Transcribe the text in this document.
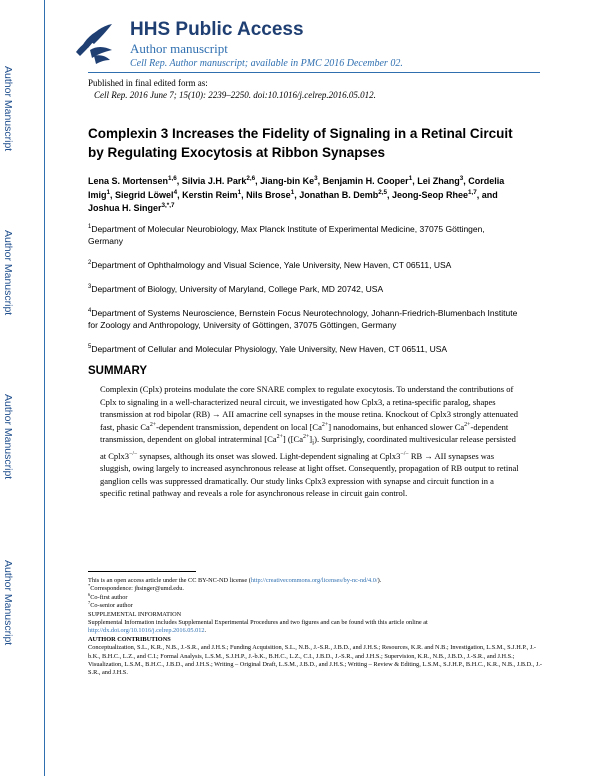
Author Manuscript
Author Manuscript
Author Manuscript
Author Manuscript
HHS Public Access
Author manuscript
Cell Rep. Author manuscript; available in PMC 2016 December 02.
Published in final edited form as:
Cell Rep. 2016 June 7; 15(10): 2239–2250. doi:10.1016/j.celrep.2016.05.012.
Complexin 3 Increases the Fidelity of Signaling in a Retinal Circuit by Regulating Exocytosis at Ribbon Synapses
Lena S. Mortensen$^{1,6}$, Silvia J.H. Park$^{2,6}$, Jiang-bin Ke$^3$, Benjamin H. Cooper$^1$, Lei Zhang$^3$, Cordelia Imig$^1$, Siegrid Löwel$^4$, Kerstin Reim$^1$, Nils Brose$^1$, Jonathan B. Demb$^{2,5}$, Jeong-Seop Rhee$^{1,7}$, and Joshua H. Singer$^{3,*,7}$
$^1$Department of Molecular Neurobiology, Max Planck Institute of Experimental Medicine, 37075 Göttingen, Germany
$^2$Department of Ophthalmology and Visual Science, Yale University, New Haven, CT 06511, USA
$^3$Department of Biology, University of Maryland, College Park, MD 20742, USA
$^4$Department of Systems Neuroscience, Bernstein Focus Neurotechnology, Johann-Friedrich-Blumenbach Institute for Zoology and Anthropology, University of Göttingen, 37075 Göttingen, Germany
$^5$Department of Cellular and Molecular Physiology, Yale University, New Haven, CT 06511, USA
SUMMARY
Complexin (Cplx) proteins modulate the core SNARE complex to regulate exocytosis. To understand the contributions of Cplx to signaling in a well-characterized neural circuit, we investigated how Cplx3, a retina-specific paralog, shapes transmission at rod bipolar (RB) → AII amacrine cell synapses in the mouse retina. Knockout of Cplx3 strongly attenuated fast, phasic $Ca^{2+}$-dependent transmission, dependent on local $[Ca^{2+}]$ nanodomains, but enhanced slower $Ca^{2+}$-dependent transmission, dependent on global intraterminal $[Ca^{2+}]$ $([Ca^{2+}]_i)$. Surprisingly, coordinated multivesicular release persisted at Cplx3−/− synapses, although its onset was slowed. Light-dependent signaling at Cplx3−/− RB → AII synapses was sluggish, owing largely to increased asynchronous release at light offset. Consequently, propagation of RB output to retinal ganglion cells was suppressed dramatically. Our study links Cplx3 expression with synapse and circuit function in a specific retinal pathway and reveals a role for asynchronous release in circuit gain control.

This is an open access article under the CC BY-NC-ND license (http://creativecommons.org/licenses/by-nc-nd/4.0/).

*Correspondence: jhsinger@umd.edu.

$^6$Co-first author

$^7$Co-senior author

SUPPLEMENTAL INFORMATION

Supplemental Information includes Supplemental Experimental Procedures and two figures and can be found with this article online at http://dx.doi.org/10.1016/j.celrep.2016.05.012.

AUTHOR CONTRIBUTIONS

Conceptualization, S.L., K.R., N.B., J.-S.R., and J.H.S.; Funding Acquisition, S.L., N.B., J.-S.R., J.B.D., and J.H.S.; Resources, K.R. and N.B.; Investigation, L.S.M., S.J.H.P., J.-b.K., B.H.C., L.Z., and C.I.; Formal Analysis, L.S.M., S.J.H.P., J.-b.K., B.H.C., L.Z., C.I., J.B.D., J.-S.R., and J.H.S.; Supervision, K.R., N.B., J.B.D., J.-S.R., and J.H.S.; Visualization, L.S.M., B.H.C., J.B.D., and J.H.S.; Writing – Original Draft, L.S.M., J.B.D., and J.H.S.; Writing – Review & Editing, L.S.M., S.J.H.P., B.H.C., K.R., N.B., J.B.D., J.-S.R., and J.H.S.
